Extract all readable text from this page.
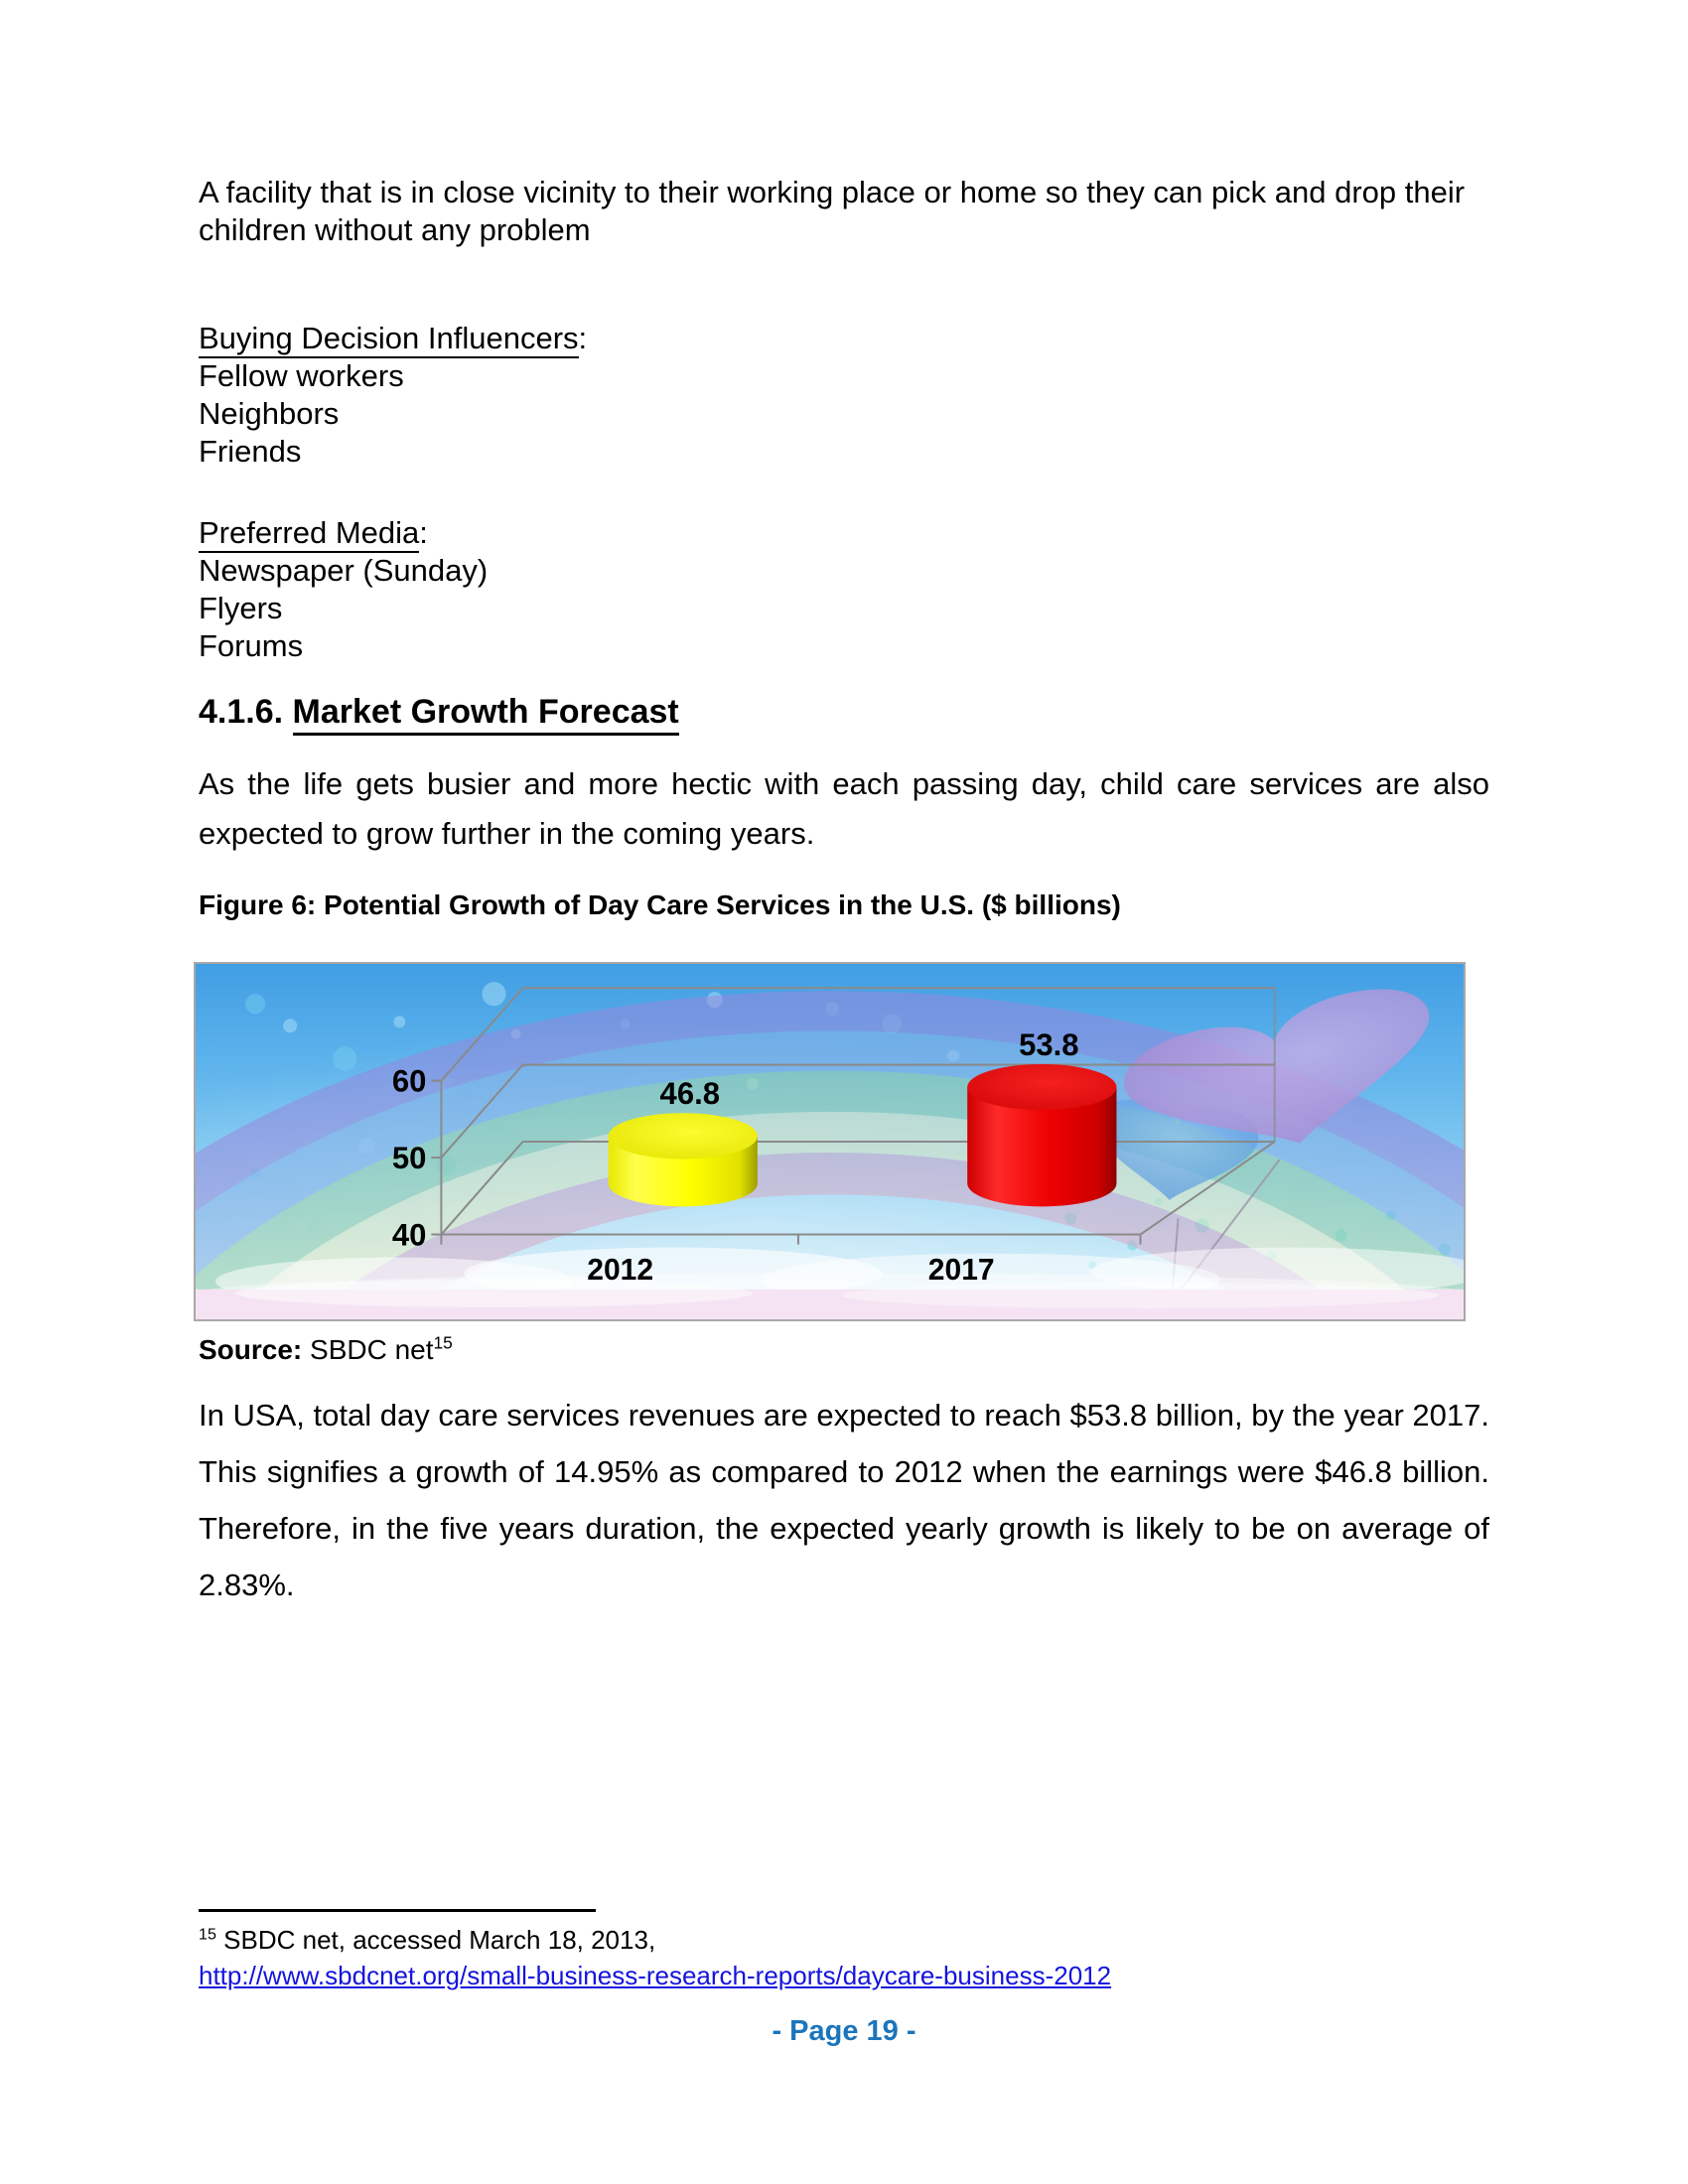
A facility that is in close vicinity to their working place or home so they can pick and drop their children without any problem

Buying Decision Influencers:
Fellow workers
Neighbors
Friends
Preferred Media:
Newspaper (Sunday)
Flyers
Forums
4.1.6. Market Growth Forecast

As the life gets busier and more hectic with each passing day, child care services are also expected to grow further in the coming years.

Figure 6: Potential Growth of Day Care Services in the U.S. ($ billions)
46.8
53.8
40
50
60
2012	2017
Source: SBDC net$^{15}$

In USA, total day care services revenues are expected to reach $53.8 billion, by the year 2017. This signifies a growth of 14.95% as compared to 2012 when the earnings were $46.8 billion. Therefore, in the five years duration, the expected yearly growth is likely to be on average of 2.83%.

$^{15}$ SBDC net, accessed March 18, 2013,
http://www.sbdcnet.org/small-business-research-reports/daycare-business-2012
- Page 19 -
